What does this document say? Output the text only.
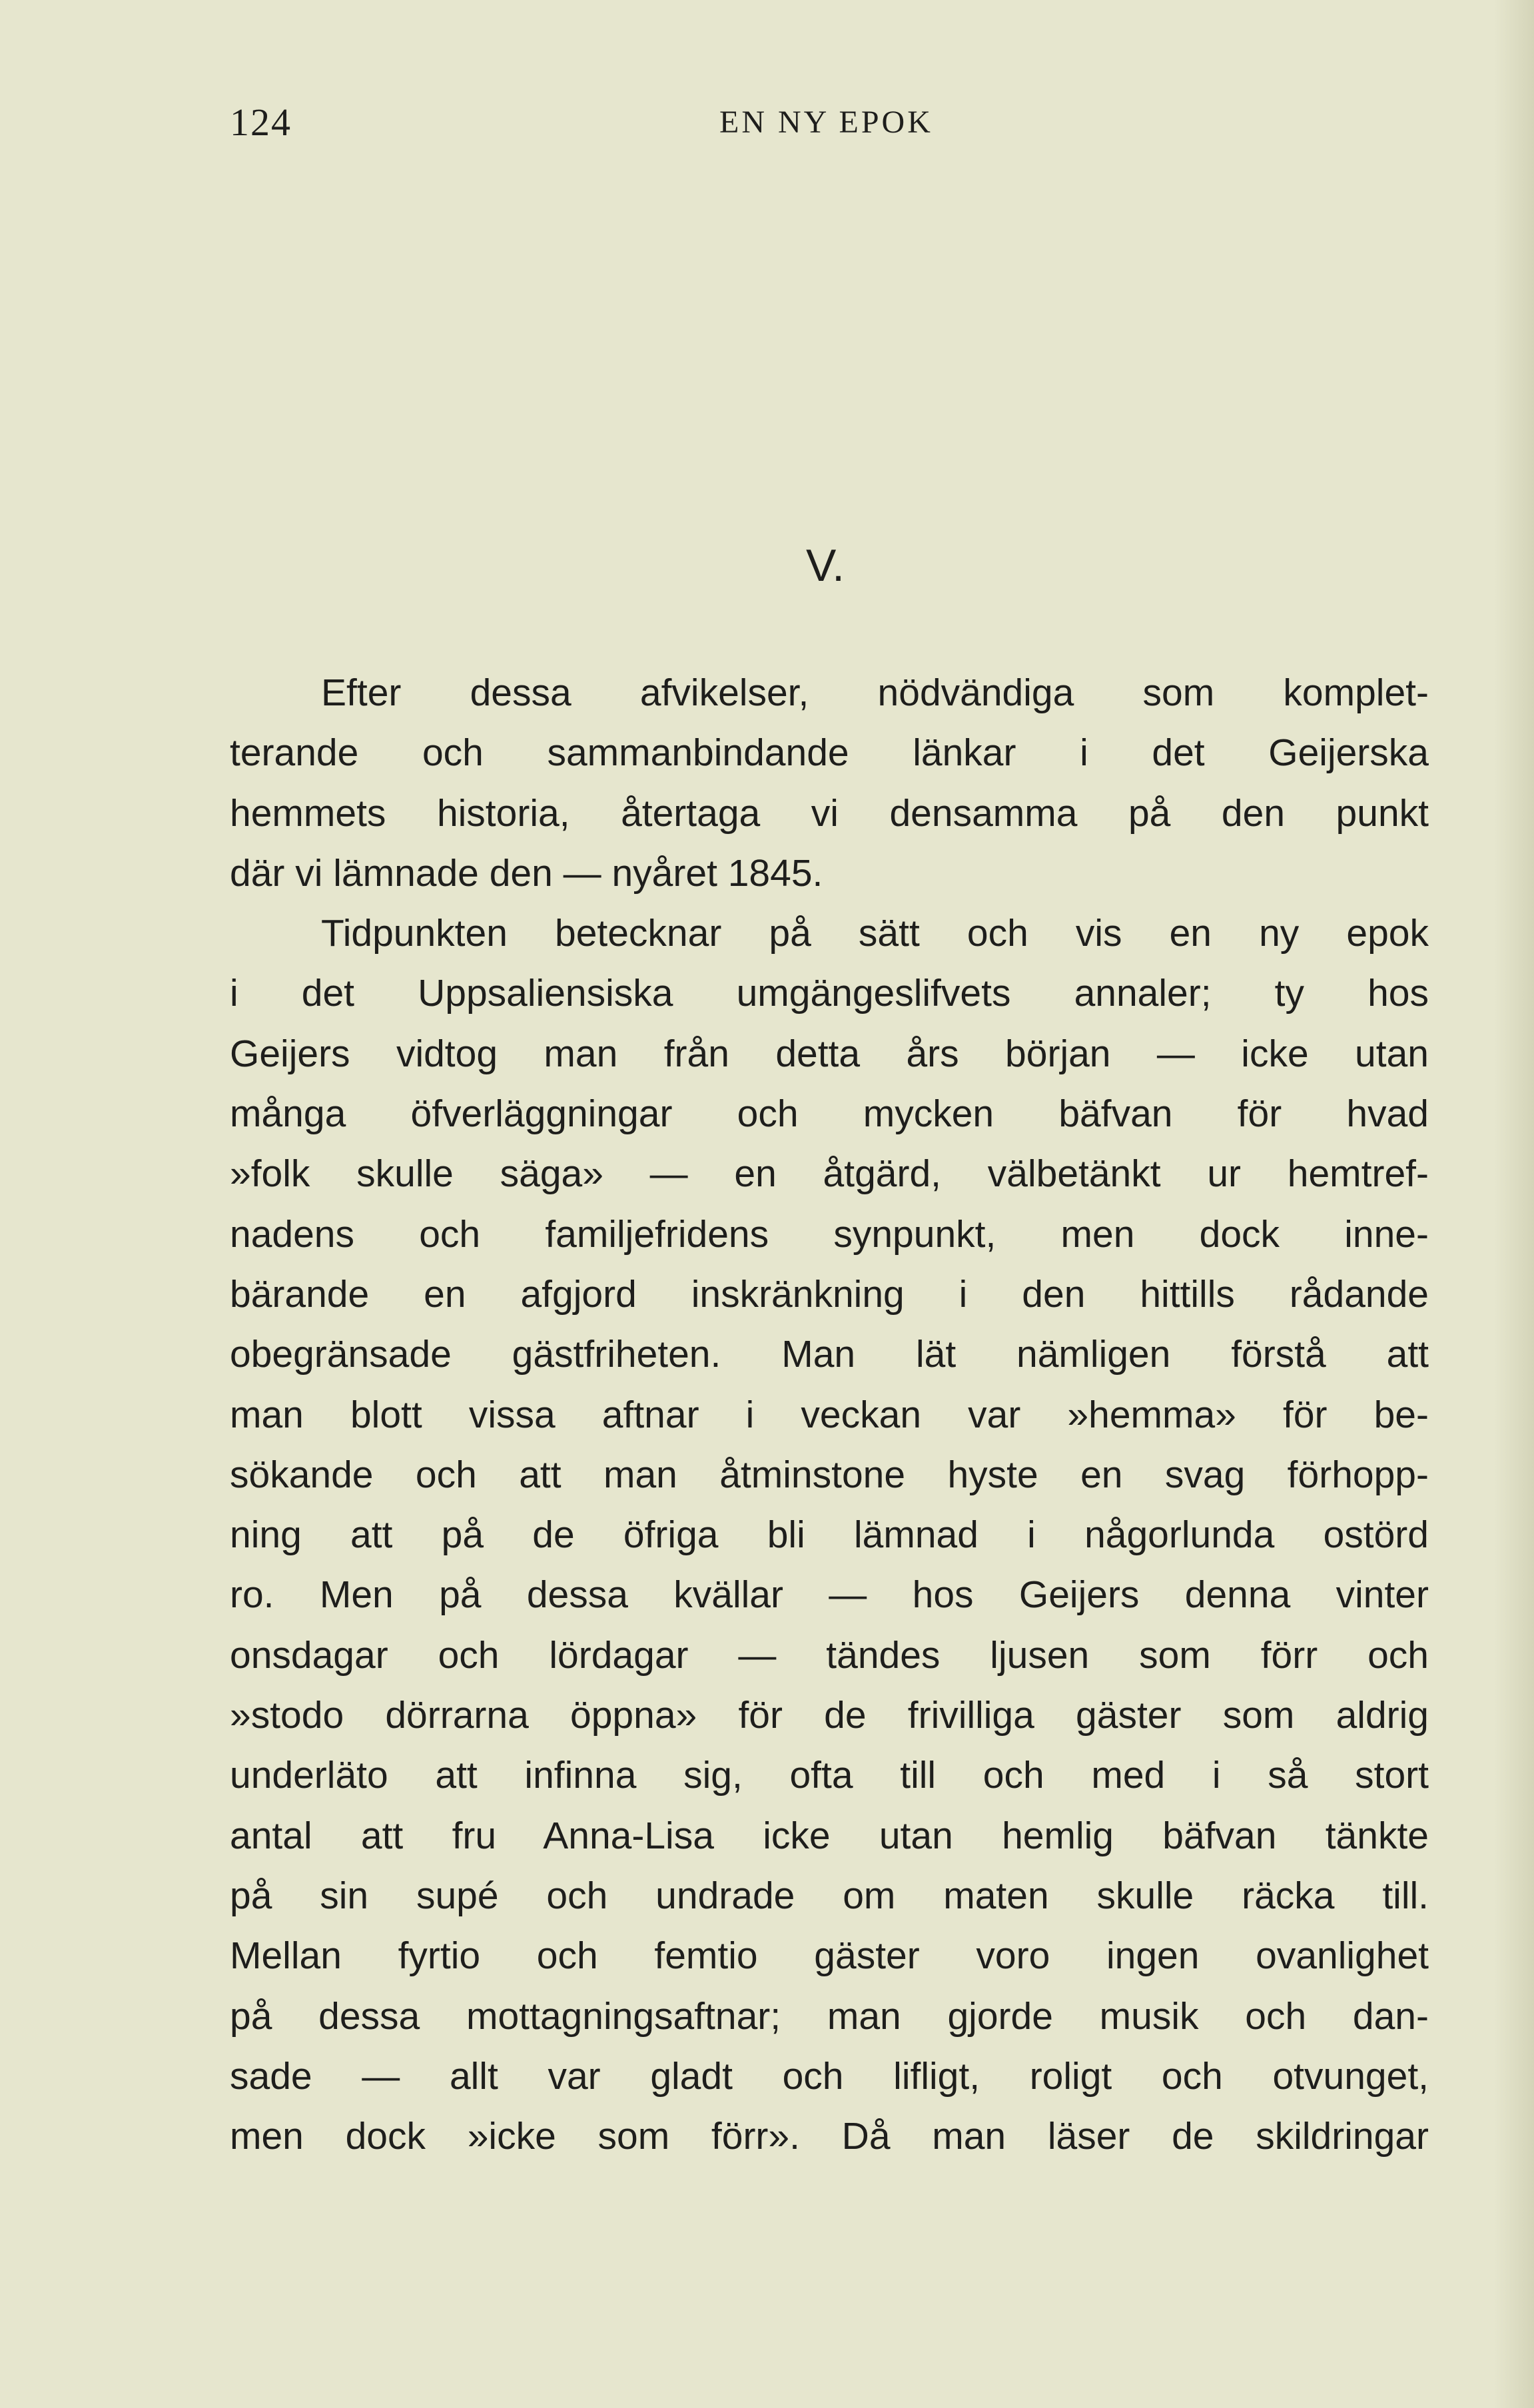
124	EN NY EPOK
V.
Efter dessa afvikelser, nödvändiga som komplet-
terande och sammanbindande länkar i det Geijerska
hemmets historia, återtaga vi densamma på den punkt
där vi lämnade den — nyåret 1845.
Tidpunkten betecknar på sätt och vis en ny epok
i det Uppsaliensiska umgängeslifvets annaler; ty hos
Geijers vidtog man från detta års början — icke utan
många öfverläggningar och mycken bäfvan för hvad
»folk skulle säga» — en åtgärd, välbetänkt ur hemtref-
nadens och familjefridens synpunkt, men dock inne-
bärande en afgjord inskränkning i den hittills rådande
obegränsade gästfriheten. Man lät nämligen förstå att
man blott vissa aftnar i veckan var »hemma» för be-
sökande och att man åtminstone hyste en svag förhopp-
ning att på de öfriga bli lämnad i någorlunda ostörd
ro. Men på dessa kvällar — hos Geijers denna vinter
onsdagar och lördagar — tändes ljusen som förr och
»stodo dörrarna öppna» för de frivilliga gäster som aldrig
underläto att infinna sig, ofta till och med i så stort
antal att fru Anna-Lisa icke utan hemlig bäfvan tänkte
på sin supé och undrade om maten skulle räcka till.
Mellan fyrtio och femtio gäster voro ingen ovanlighet
på dessa mottagningsaftnar; man gjorde musik och dan-
sade — allt var gladt och lifligt, roligt och otvunget,
men dock »icke som förr». Då man läser de skildringar
